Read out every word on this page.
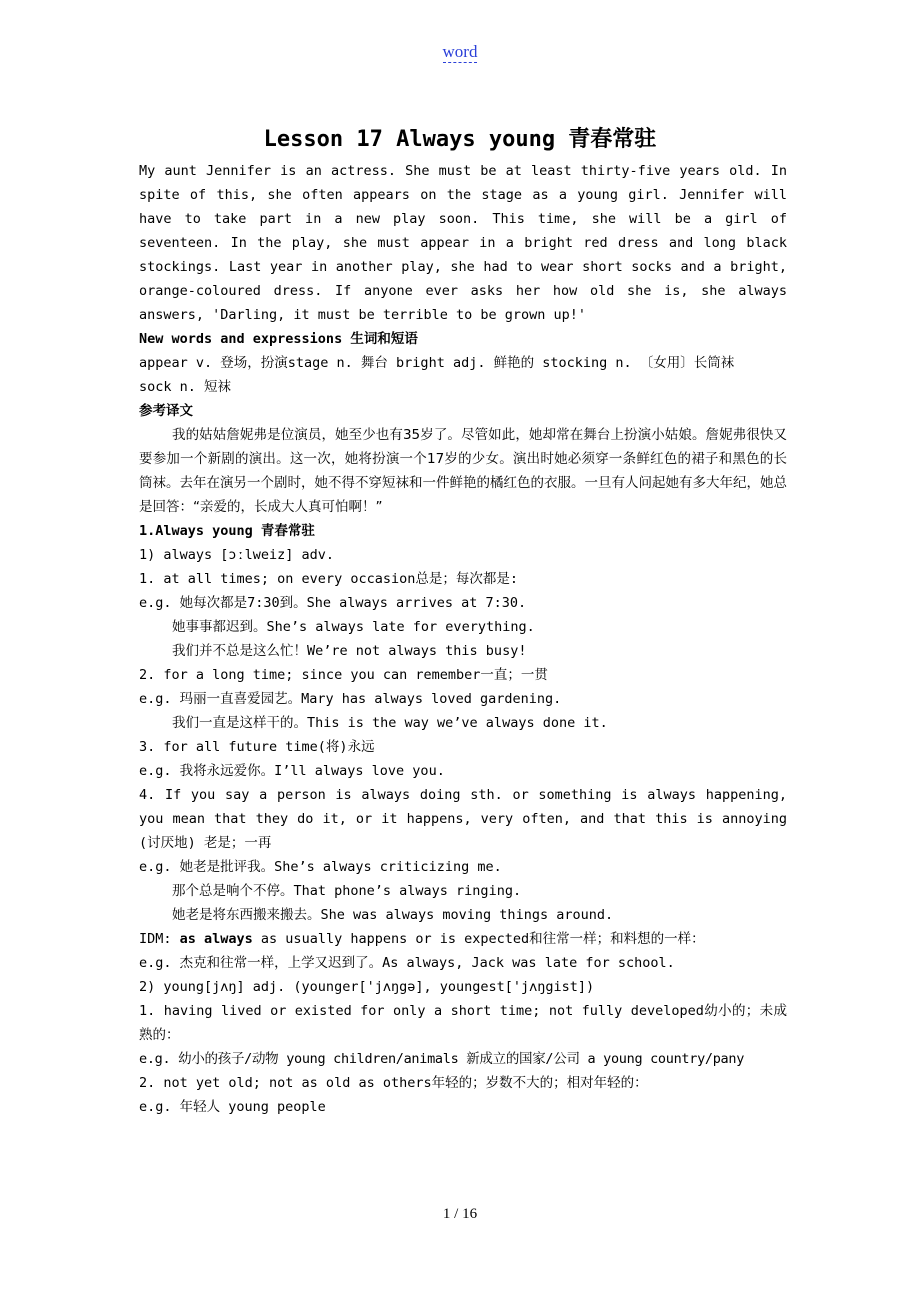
word
Lesson 17 Always young 青春常驻

My aunt Jennifer is an actress. She must be at least thirty-five years old. In spite of this, she often appears on the stage as a young girl. Jennifer will have to take part in a new play soon. This time, she will be a girl of seventeen. In the play, she must appear in a bright red dress and long black stockings. Last year in another play, she had to wear short socks and a bright, orange-coloured dress. If anyone ever asks her how old she is, she always answers, 'Darling, it must be terrible to be grown up!'

New words and expressions 生词和短语

appear v. 登场，扮演stage n. 舞台 bright adj. 鲜艳的 stocking n. 〔女用〕长筒袜

sock n. 短袜

参考译文

我的姑姑詹妮弗是位演员，她至少也有35岁了。尽管如此，她却常在舞台上扮演小姑娘。詹妮弗很快又要参加一个新剧的演出。这一次，她将扮演一个17岁的少女。演出时她必须穿一条鲜红色的裙子和黑色的长筒袜。去年在演另一个剧时，她不得不穿短袜和一件鲜艳的橘红色的衣服。一旦有人问起她有多大年纪，她总是回答：“亲爱的，长成大人真可怕啊！”

1.Always young 青春常驻

1) always [ɔːlweiz] adv.

1. at all times; on every occasion总是；每次都是:

e.g. 她每次都是7:30到。She always arrives at 7:30.

她事事都迟到。She’s always late for everything.

我们并不总是这么忙！We’re not always this busy!

2. for a long time; since you can remember一直；一贯

e.g. 玛丽一直喜爱园艺。Mary has always loved gardening.

我们一直是这样干的。This is the way we’ve always done it.

3. for all future time(将)永远

e.g. 我将永远爱你。I’ll always love you.

4. If you say a person is always doing sth. or something is always happening, you mean that they do it, or it happens, very often, and that this is annoying (讨厌地) 老是；一再

e.g. 她老是批评我。She’s always criticizing me.

那个总是响个不停。That phone’s always ringing.

她老是将东西搬来搬去。She was always moving things around.

IDM: as always as usually happens or is expected和往常一样；和料想的一样：

e.g. 杰克和往常一样，上学又迟到了。As always, Jack was late for school.

2) young[jʌŋ] adj. (younger['jʌŋgə], youngest['jʌŋgist])

1. having lived or existed for only a short time; not fully developed幼小的；未成熟的：

e.g. 幼小的孩子/动物 young children/animals 新成立的国家/公司 a young country/pany

2. not yet old; not as old as others年轻的；岁数不大的；相对年轻的：

e.g. 年轻人 young people

1 / 16
